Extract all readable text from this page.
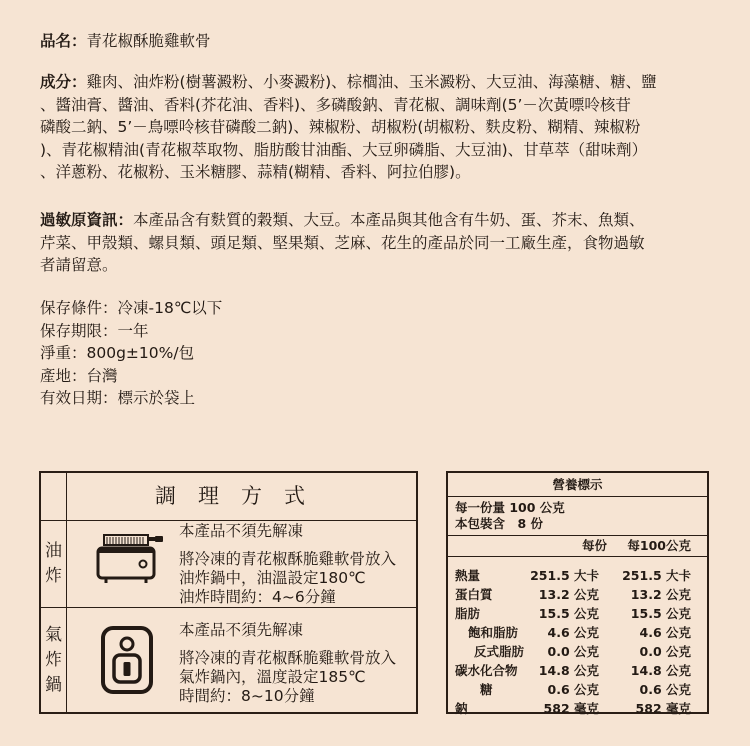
品名：青花椒酥脆雞軟骨
成分：雞肉、油炸粉(樹薯澱粉、小麥澱粉)、棕櫚油、玉米澱粉、大豆油、海藻糖、糖、鹽
、醬油膏、醬油、香料(芥花油、香料)、多磷酸鈉、青花椒、調味劑(5’－次黃嘌呤核苷
磷酸二鈉、5’－鳥嘌呤核苷磷酸二鈉)、辣椒粉、胡椒粉(胡椒粉、麩皮粉、糊精、辣椒粉
)、青花椒精油(青花椒萃取物、脂肪酸甘油酯、大豆卵磷脂、大豆油)、甘草萃（甜味劑）
、洋蔥粉、花椒粉、玉米糖膠、蒜精(糊精、香料、阿拉伯膠)。
過敏原資訊：本產品含有麩質的穀類、大豆。本產品與其他含有牛奶、蛋、芥末、魚類、
芹菜、甲殼類、螺貝類、頭足類、堅果類、芝麻、花生的產品於同一工廠生產，食物過敏
者請留意。
保存條件：冷凍-18℃以下
保存期限：一年
淨重：800g±10%/包
產地：台灣
有效日期：標示於袋上
調理方式
油
炸
本產品不須先解凍
將冷凍的青花椒酥脆雞軟骨放入
油炸鍋中，油溫設定180℃
油炸時間約：4~6分鐘
氣
炸
鍋
本產品不須先解凍
將冷凍的青花椒酥脆雞軟骨放入
氣炸鍋內，溫度設定185℃
時間約：8~10分鐘
營養標示
每一份量 100 公克
本包裝含　8 份
每份 每100公克
熱量	251.5 大卡 251.5 大卡
蛋白質	13.2 公克	13.2 公克
脂肪	15.5 公克	15.5 公克
飽和脂肪 4.6 公克	4.6 公克
反式脂肪 0.0 公克	0.0 公克
碳水化合物 14.8 公克	14.8 公克
糖	0.6 公克	0.6 公克
鈉	582 毫克	582 毫克
